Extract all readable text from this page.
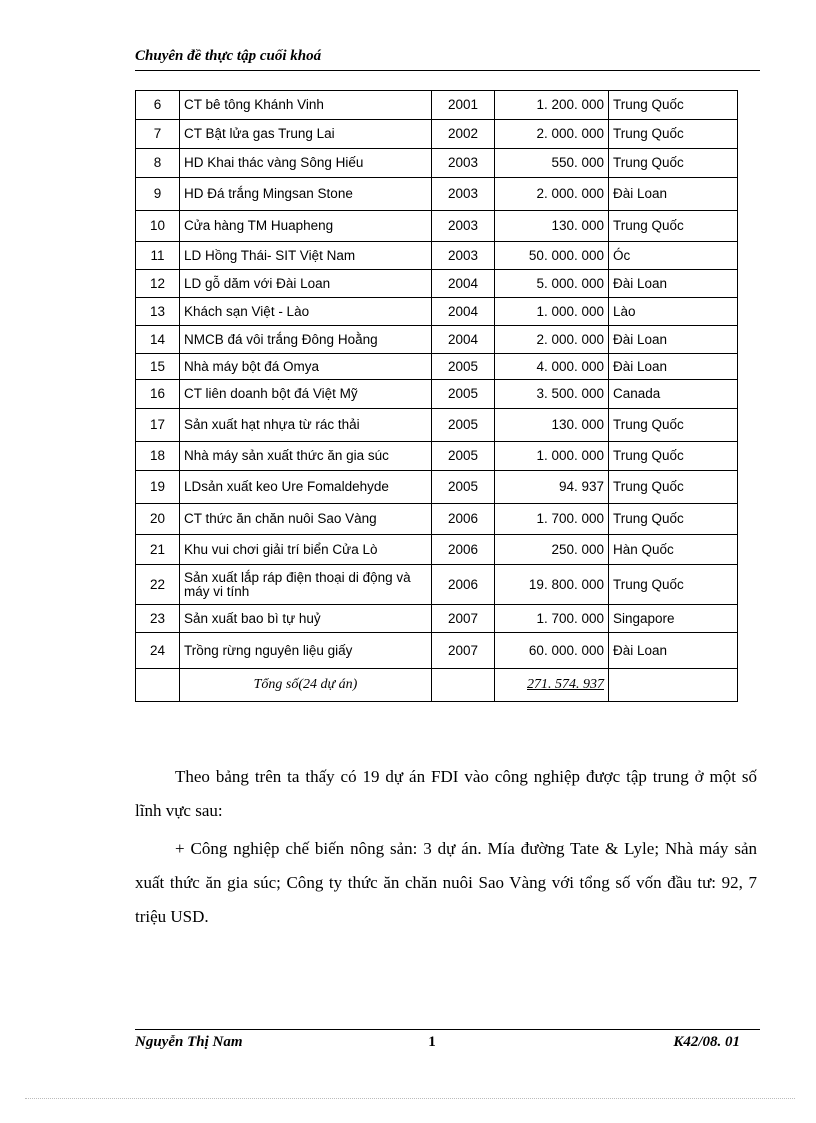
Chuyên đề thực tập cuối khoá
6	CT bê tông Khánh Vinh	2001	1. 200. 000	Trung Quốc
7	CT Bật lửa gas Trung Lai	2002	2. 000. 000	Trung Quốc
8	HD Khai thác vàng Sông Hiếu	2003	550. 000	Trung Quốc
9	HD Đá trắng Mingsan Stone	2003	2. 000. 000	Đài Loan
10	Cửa hàng TM Huapheng	2003	130. 000	Trung Quốc
11	LD Hồng Thái- SIT Việt Nam	2003	50. 000. 000	Óc
12	LD gỗ dăm với Đài Loan	2004	5. 000. 000	Đài Loan
13	Khách sạn Việt - Lào	2004	1. 000. 000	Lào
14	NMCB đá vôi trắng Đông Hoằng	2004	2. 000. 000	Đài Loan
15	Nhà máy bột đá Omya	2005	4. 000. 000	Đài Loan
16	CT liên doanh bột đá Việt Mỹ	2005	3. 500. 000	Canada
17	Sản xuất hạt nhựa từ rác thải	2005	130. 000	Trung Quốc
18	Nhà máy sản xuất thức ăn gia súc	2005	1. 000. 000	Trung Quốc
19	LDsản xuất keo Ure Fomaldehyde	2005	94. 937	Trung Quốc
20	CT thức ăn chăn nuôi Sao Vàng	2006	1. 700. 000	Trung Quốc
21	Khu vui chơi giải trí biển Cửa Lò	2006	250. 000	Hàn Quốc
22	Sản xuất lắp ráp điện thoại di động và máy vi tính	2006	19. 800. 000	Trung Quốc
23	Sản xuất bao bì tự huỷ	2007	1. 700. 000	Singapore
24	Trồng rừng nguyên liệu giấy	2007	60. 000. 000	Đài Loan
	Tổng số(24 dự án)		271. 574. 937	

Theo bảng trên ta thấy có 19 dự án FDI vào công nghiệp được tập trung ở một số lĩnh vực sau:

+ Công nghiệp chế biến nông sản: 3 dự án. Mía đường Tate & Lyle; Nhà máy sản xuất thức ăn gia súc; Công ty thức ăn chăn nuôi Sao Vàng với tổng số vốn đầu tư: 92, 7 triệu USD.

Nguyễn Thị Nam	1	K42/08. 01
